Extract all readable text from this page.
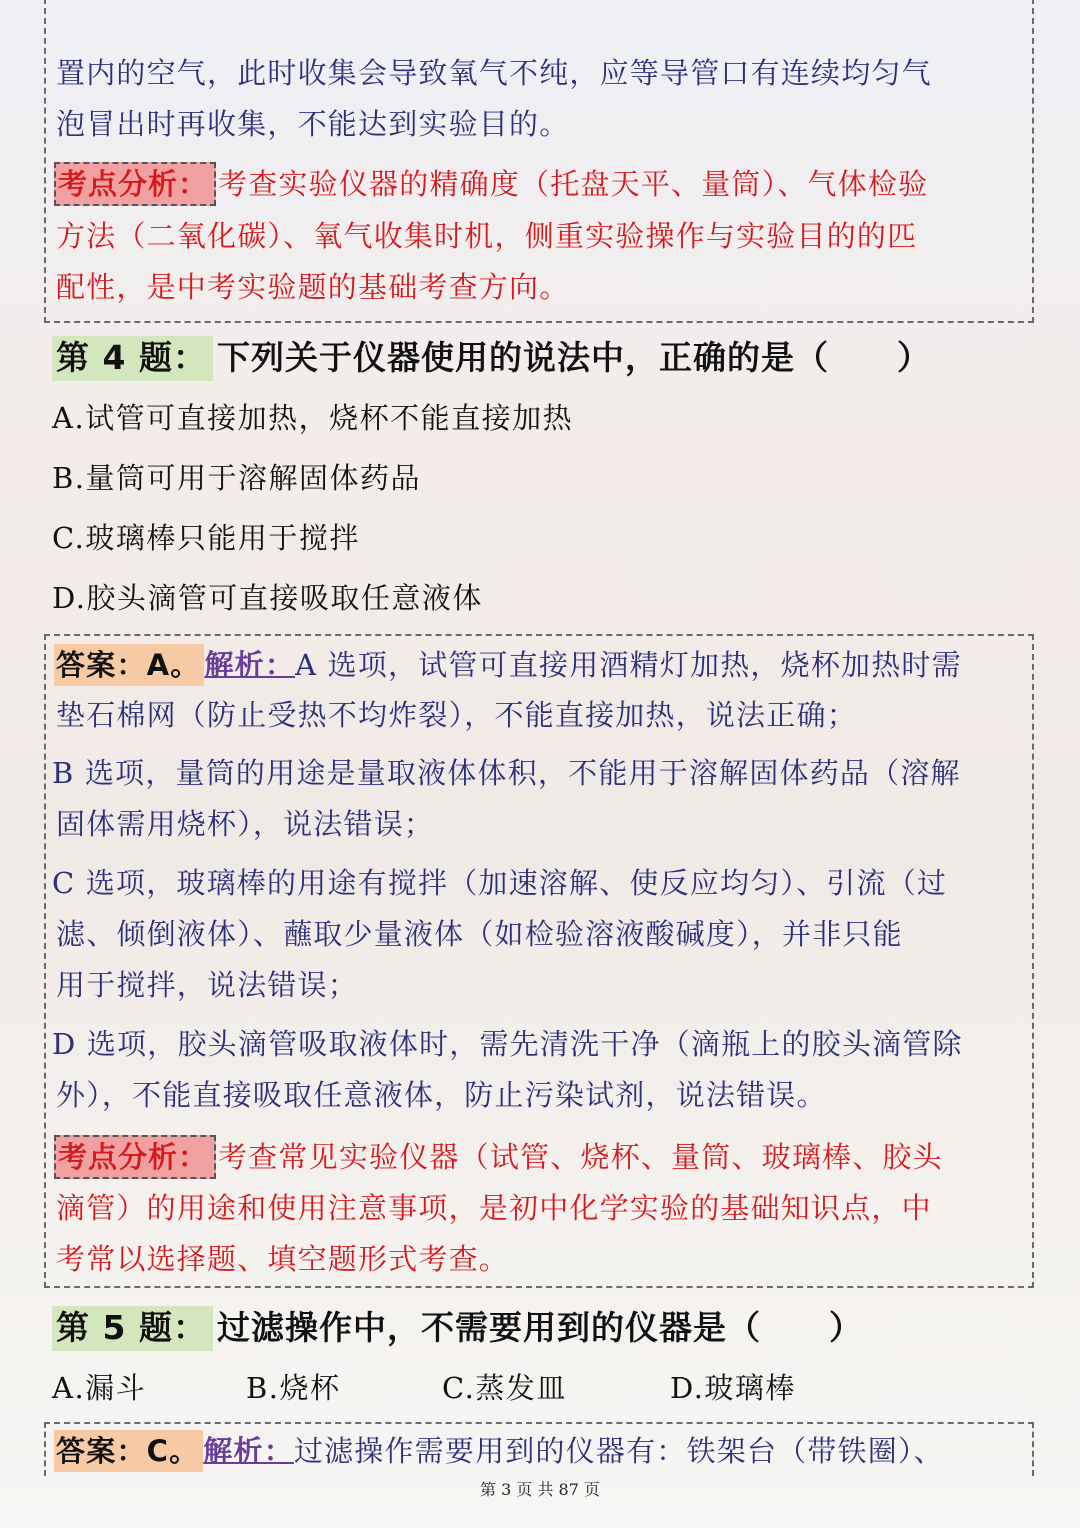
置内的空气，此时收集会导致氧气不纯，应等导管口有连续均匀气
泡冒出时再收集，不能达到实验目的。
考点分析： 考查实验仪器的精确度（托盘天平、量筒）、气体检验
方法（二氧化碳）、氧气收集时机，侧重实验操作与实验目的的匹
配性，是中考实验题的基础考查方向。
第 4 题： 下列关于仪器使用的说法中，正确的是（　　）
A.试管可直接加热，烧杯不能直接加热
B.量筒可用于溶解固体药品
C.玻璃棒只能用于搅拌
D.胶头滴管可直接吸取任意液体
答案：A。 解析：A 选项，试管可直接用酒精灯加热，烧杯加热时需
垫石棉网（防止受热不均炸裂），不能直接加热，说法正确；
B 选项，量筒的用途是量取液体体积，不能用于溶解固体药品（溶解
固体需用烧杯），说法错误；
C 选项，玻璃棒的用途有搅拌（加速溶解、使反应均匀）、引流（过
滤、倾倒液体）、蘸取少量液体（如检验溶液酸碱度），并非只能
用于搅拌，说法错误；
D 选项，胶头滴管吸取液体时，需先清洗干净（滴瓶上的胶头滴管除
外），不能直接吸取任意液体，防止污染试剂，说法错误。
考点分析： 考查常见实验仪器（试管、烧杯、量筒、玻璃棒、胶头
滴管）的用途和使用注意事项，是初中化学实验的基础知识点，中
考常以选择题、填空题形式考查。
第 5 题： 过滤操作中，不需要用到的仪器是（　　）
A.漏斗	B.烧杯	C.蒸发皿	D.玻璃棒
答案：C。 解析：过滤操作需要用到的仪器有：铁架台（带铁圈）、
第 3 页 共 87 页
